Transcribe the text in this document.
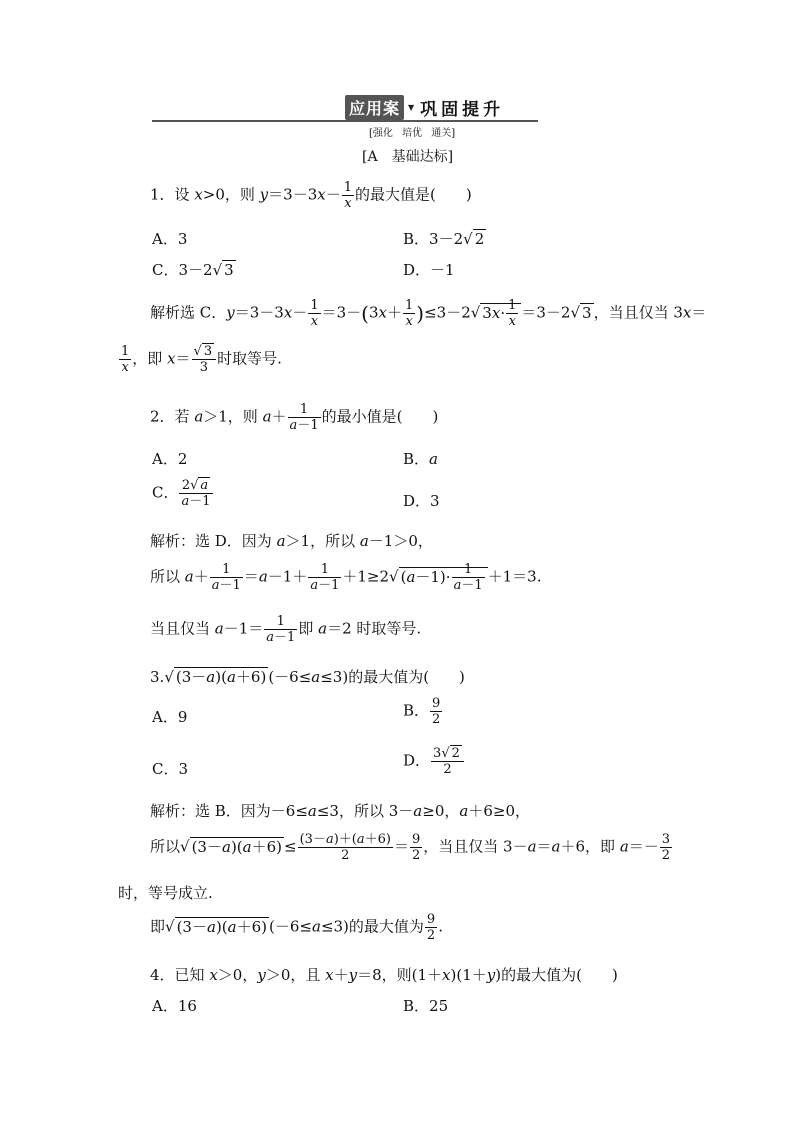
应用案	▼ 巩固提升
[强化 培优 通关]
[A　基础达标]
1．设 x>0，则 $y=3-3x- \frac{1}{x}$ 的最大值是(　　)
A．3	B．3－2√ 2
C．3－2√ 3	D．－1
解析选 C．$y=3-3x- \frac{1}{x} =3-(3x+ \frac{1}{x} )\le 3-2√$ $3x\cdot \frac{1}{x} =3-2√$ 3 ，当且仅当 3x＝
$\frac{1}{x}$ ，即 $x= \frac{√ 3}{3}$ 时取等号.
2．若 a＞1，则 $a+ \frac{1}{a-1}$ 的最小值是(　　)
A．2	B．a
C． $\frac{2√ a}{a-1}$	D．3
解析：选 D．因为 a＞1，所以 a－1＞0，
所以 $a+ \frac{1}{a-1} =a-1+ \frac{1}{a-1} +1\ge 2√$ $(a-1)\cdot \frac{1}{a-1} +1=3$.
当且仅当 $a-1= \frac{1}{a-1}$ 即 a＝2 时取等号.
3.√ (3－a)(a＋6) (－6≤a≤3)的最大值为(　　)
A．9	B． $\frac{9}{2}$
C．3	D． $\frac{3√ 2}{2}$
解析：选 B．因为－6≤a≤3，所以 3－a≥0，a＋6≥0，
所以√ $(3-a)(a+6) \le \frac{(3-a)+(a+6)}{2} = \frac{9}{2}$ ，当且仅当 3－a＝a＋6，即 $a=- \frac{3}{2}$
时，等号成立.
即√ (3－a)(a＋6) (－6≤a≤3)的最大值为 $\frac{9}{2}$ .
4．已知 x＞0，y＞0，且 x＋y＝8，则(1＋x)(1＋y)的最大值为(　　)
A．16	B．25
